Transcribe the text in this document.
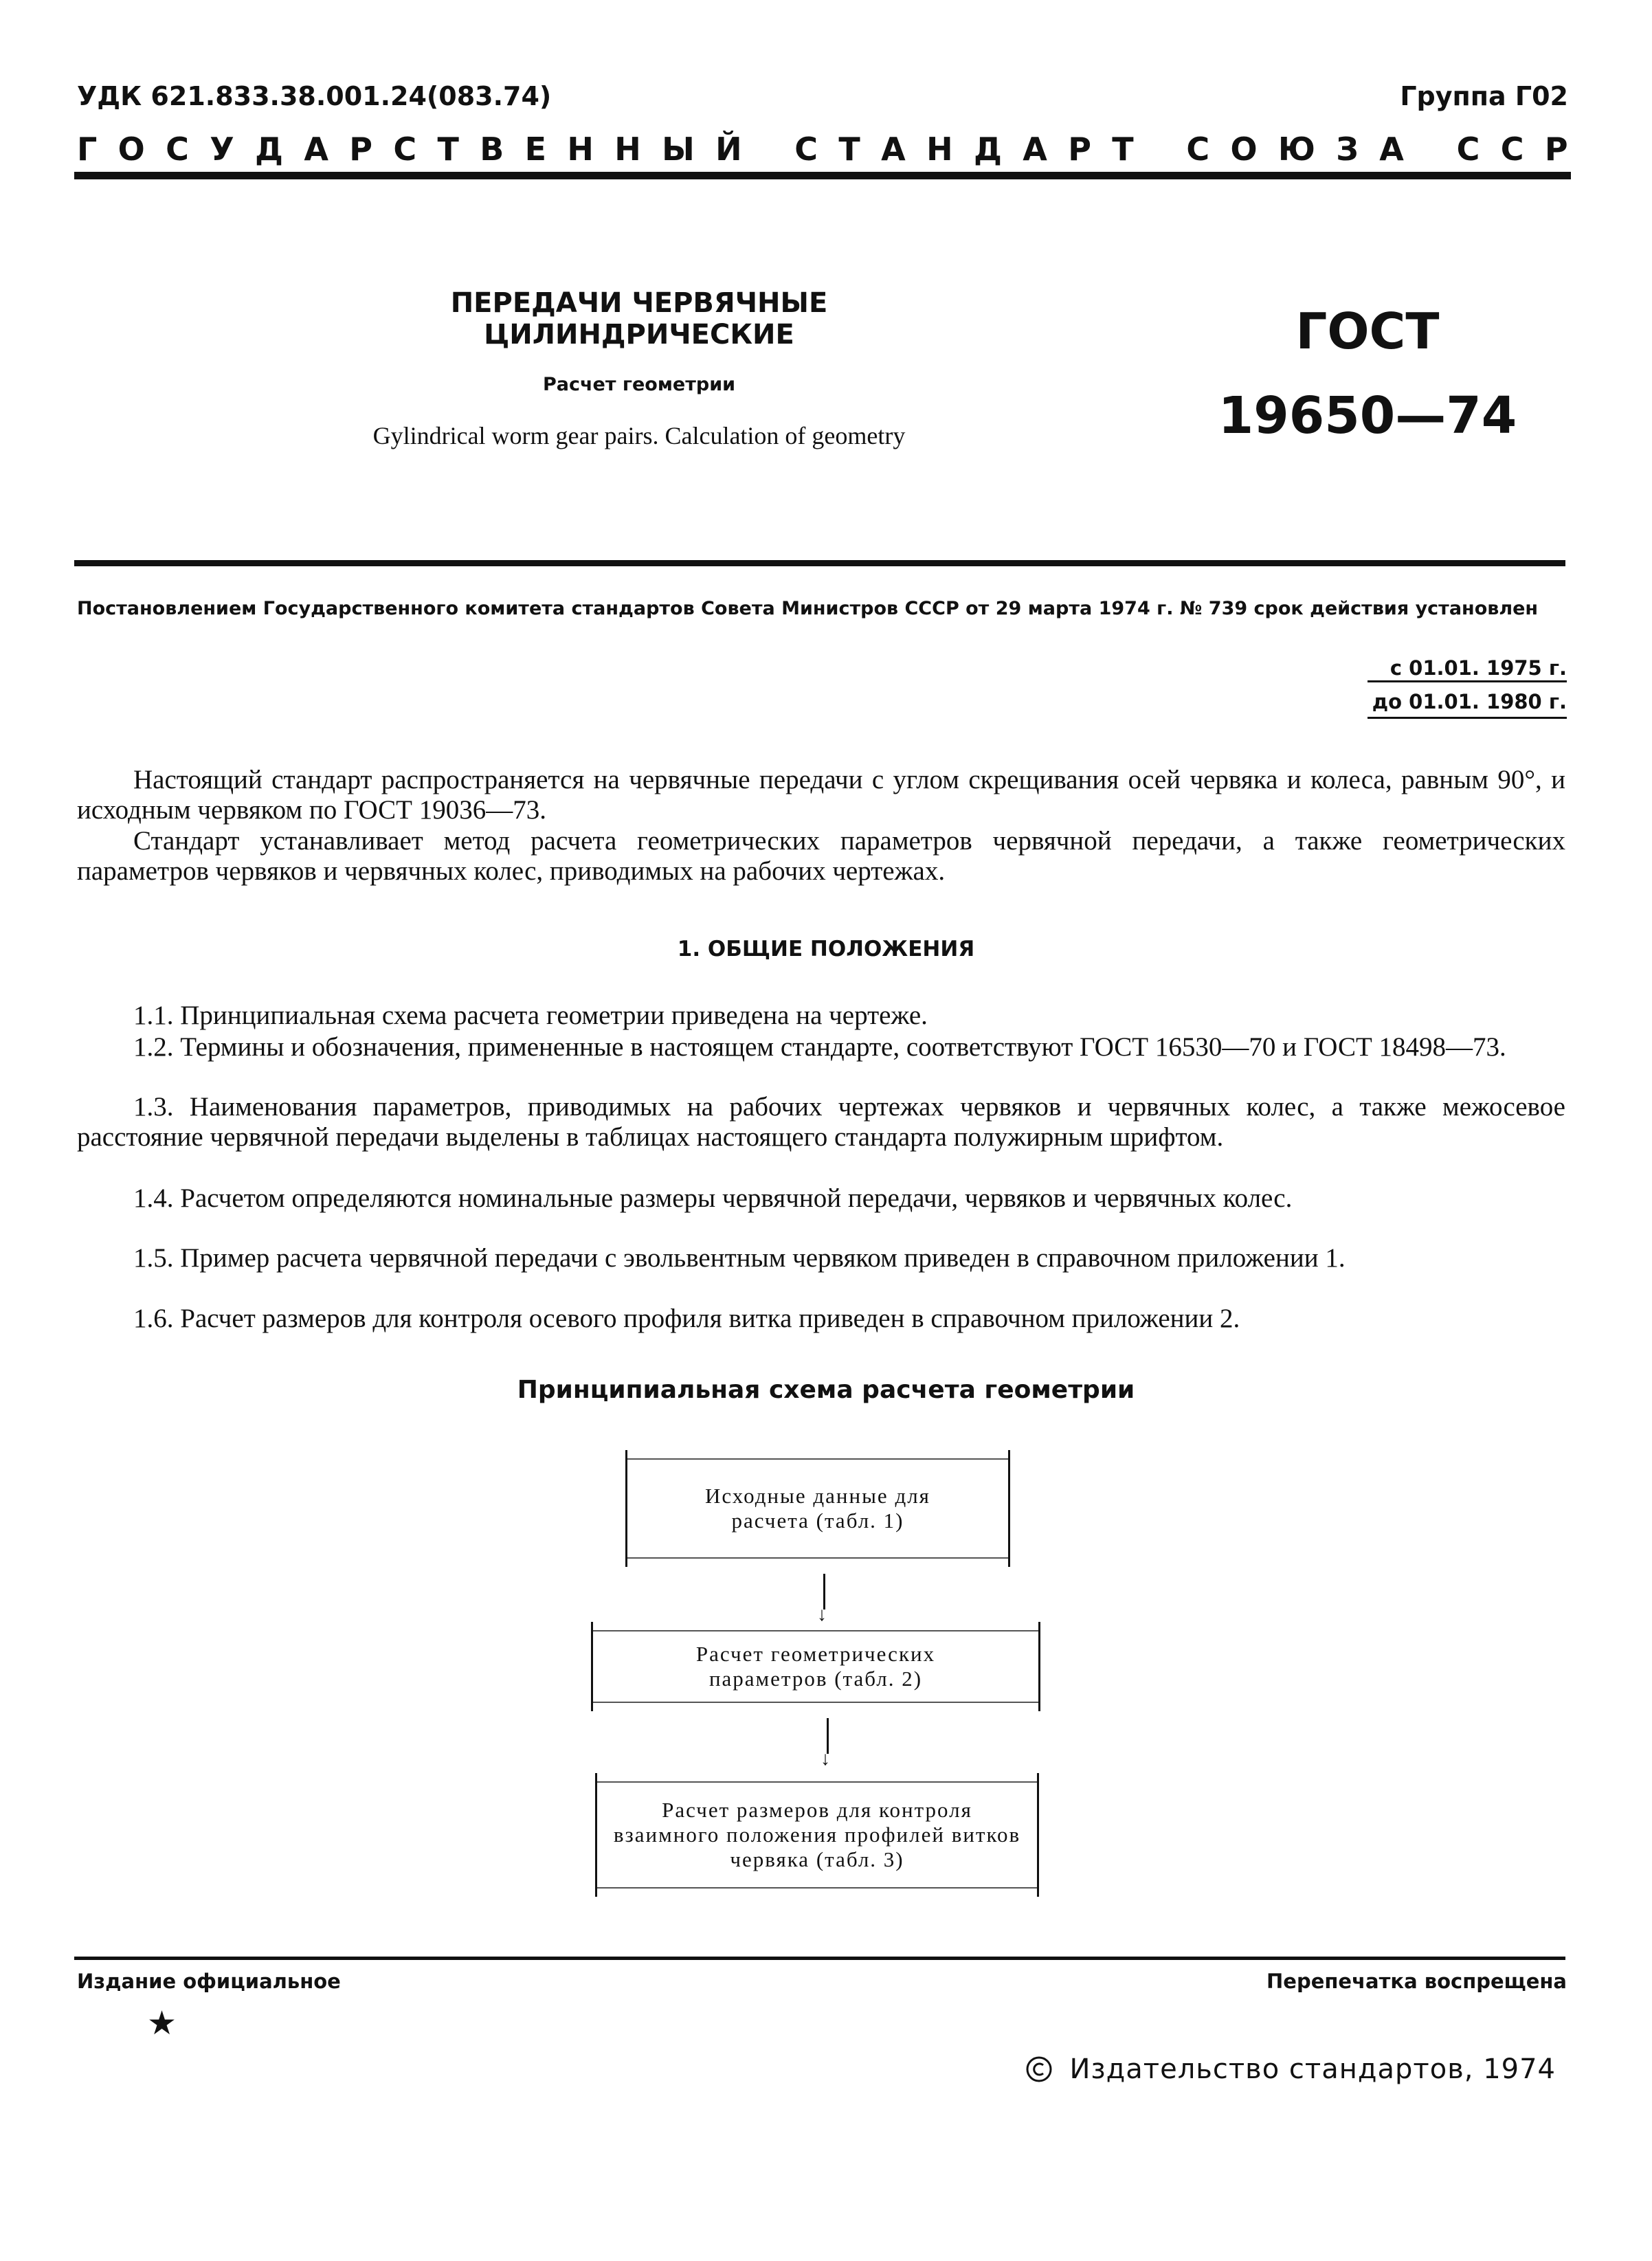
УДК 621.833.38.001.24(083.74)	Группа Г02
Г О С У Д А Р С Т В Е Н Н Ы Й
С Т А Н Д А Р Т
С О Ю З А
С С Р
ПЕРЕДАЧИ ЧЕРВЯЧНЫЕ ЦИЛИНДРИЧЕСКИЕ
Расчет геометрии
Gylindrical worm gear pairs. Calculation of geometry
ГОСТ
19650—74
Постановлением Государственного комитета стандартов Совета Министров СССР от 29 марта 1974 г. № 739 срок действия установлен
с 01.01. 1975 г.
до 01.01. 1980 г.
Настоящий стандарт распространяется на червячные передачи с углом скрещивания осей червяка и колеса, равным 90°, и исходным червяком по ГОСТ 19036—73.
Стандарт устанавливает метод расчета геометрических параметров червячной передачи, а также геометрических параметров червяков и червячных колес, приводимых на рабочих чертежах.
1. ОБЩИЕ ПОЛОЖЕНИЯ
1.1. Принципиальная схема расчета геометрии приведена на чертеже.
1.2. Термины и обозначения, примененные в настоящем стандарте, соответствуют ГОСТ 16530—70 и ГОСТ 18498—73.
1.3. Наименования параметров, приводимых на рабочих чертежах червяков и червячных колес, а также межосевое расстояние червячной передачи выделены в таблицах настоящего стандарта полужирным шрифтом.
1.4. Расчетом определяются номинальные размеры червячной передачи, червяков и червячных колес.
1.5. Пример расчета червячной передачи с эвольвентным червяком приведен в справочном приложении 1.
1.6. Расчет размеров для контроля осевого профиля витка приведен в справочном приложении 2.
Принципиальная схема расчета геометрии
Исходные данные для расчета (табл. 1)
↓
Расчет геометрических параметров (табл. 2)
↓
Расчет размеров для контроля взаимного положения профилей витков червяка (табл. 3)
Издание официальное	Перепечатка воспрещена
★
Издательство стандартов, 1974
